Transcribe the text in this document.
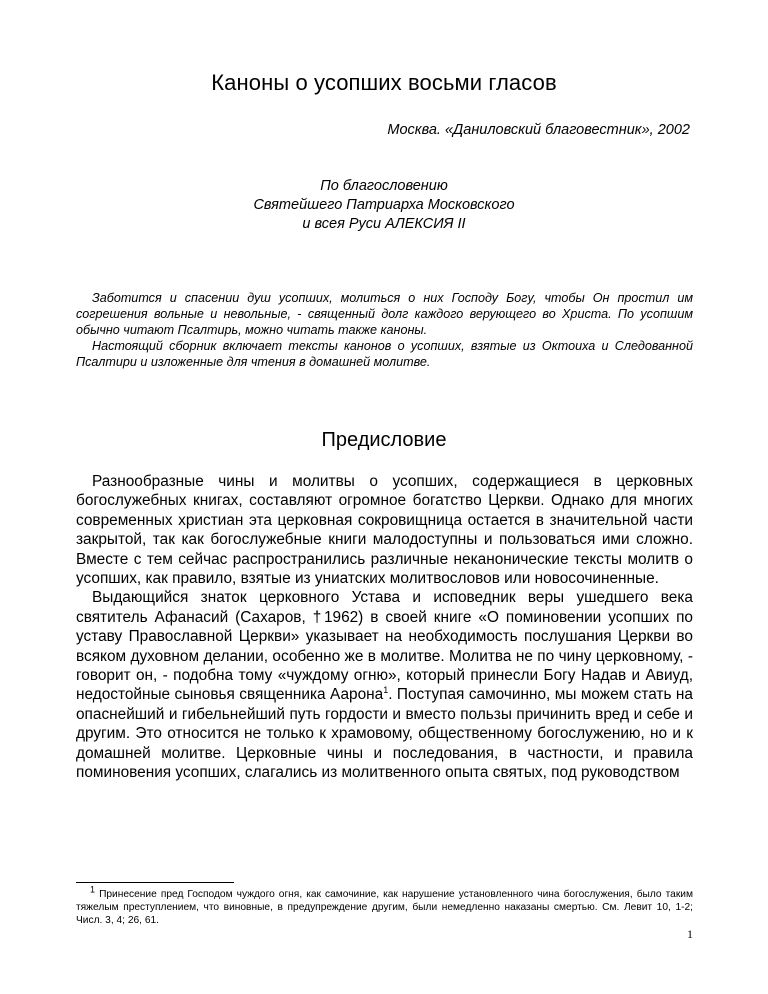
Каноны о усопших восьми гласов

Москва. «Даниловский благовестник», 2002

По благословению
Святейшего Патриарха Московского
и всея Руси АЛЕКСИЯ II

Заботится и спасении душ усопших, молиться о них Господу Богу, чтобы Он простил им согрешения вольные и невольные, - священный долг каждого верующего во Христа. По усопшим обычно читают Псалтирь, можно читать также каноны.

Настоящий сборник включает тексты канонов о усопших, взятые из Октоиха и Следованной Псалтири и изложенные для чтения в домашней молитве.

Предисловие

Разнообразные чины и молитвы о усопших, содержащиеся в церковных богослужебных книгах, составляют огромное богатство Церкви. Однако для многих современных христиан эта церковная сокровищница остается в значительной части закрытой, так как богослужебные книги малодоступны и пользоваться ими сложно. Вместе с тем сейчас распространились различные неканонические тексты молитв о усопших, как правило, взятые из униатских молитвословов или новосочиненные.

Выдающийся знаток церковного Устава и исповедник веры ушедшего века святитель Афанасий (Сахаров, †1962) в своей книге «О поминовении усопших по уставу Православной Церкви» указывает на необходимость послушания Церкви во всяком духовном делании, особенно же в молитве. Молитва не по чину церковному, - говорит он, - подобна тому «чуждому огню», который принесли Богу Надав и Авиуд, недостойные сыновья священника Аарона$^1$. Поступая самочинно, мы можем стать на опаснейший и гибельнейший путь гордости и вместо пользы причинить вред и себе и другим. Это относится не только к храмовому, общественному богослужению, но и к домашней молитве. Церковные чины и последования, в частности, и правила поминовения усопших, слагались из молитвенного опыта святых, под руководством

$^1$ Принесение пред Господом чуждого огня, как самочиние, как нарушение установленного чина богослужения, было таким тяжелым преступлением, что виновные, в предупреждение другим, были немедленно наказаны смертью. См. Левит 10, 1-2; Числ. 3, 4; 26, 61.
1
